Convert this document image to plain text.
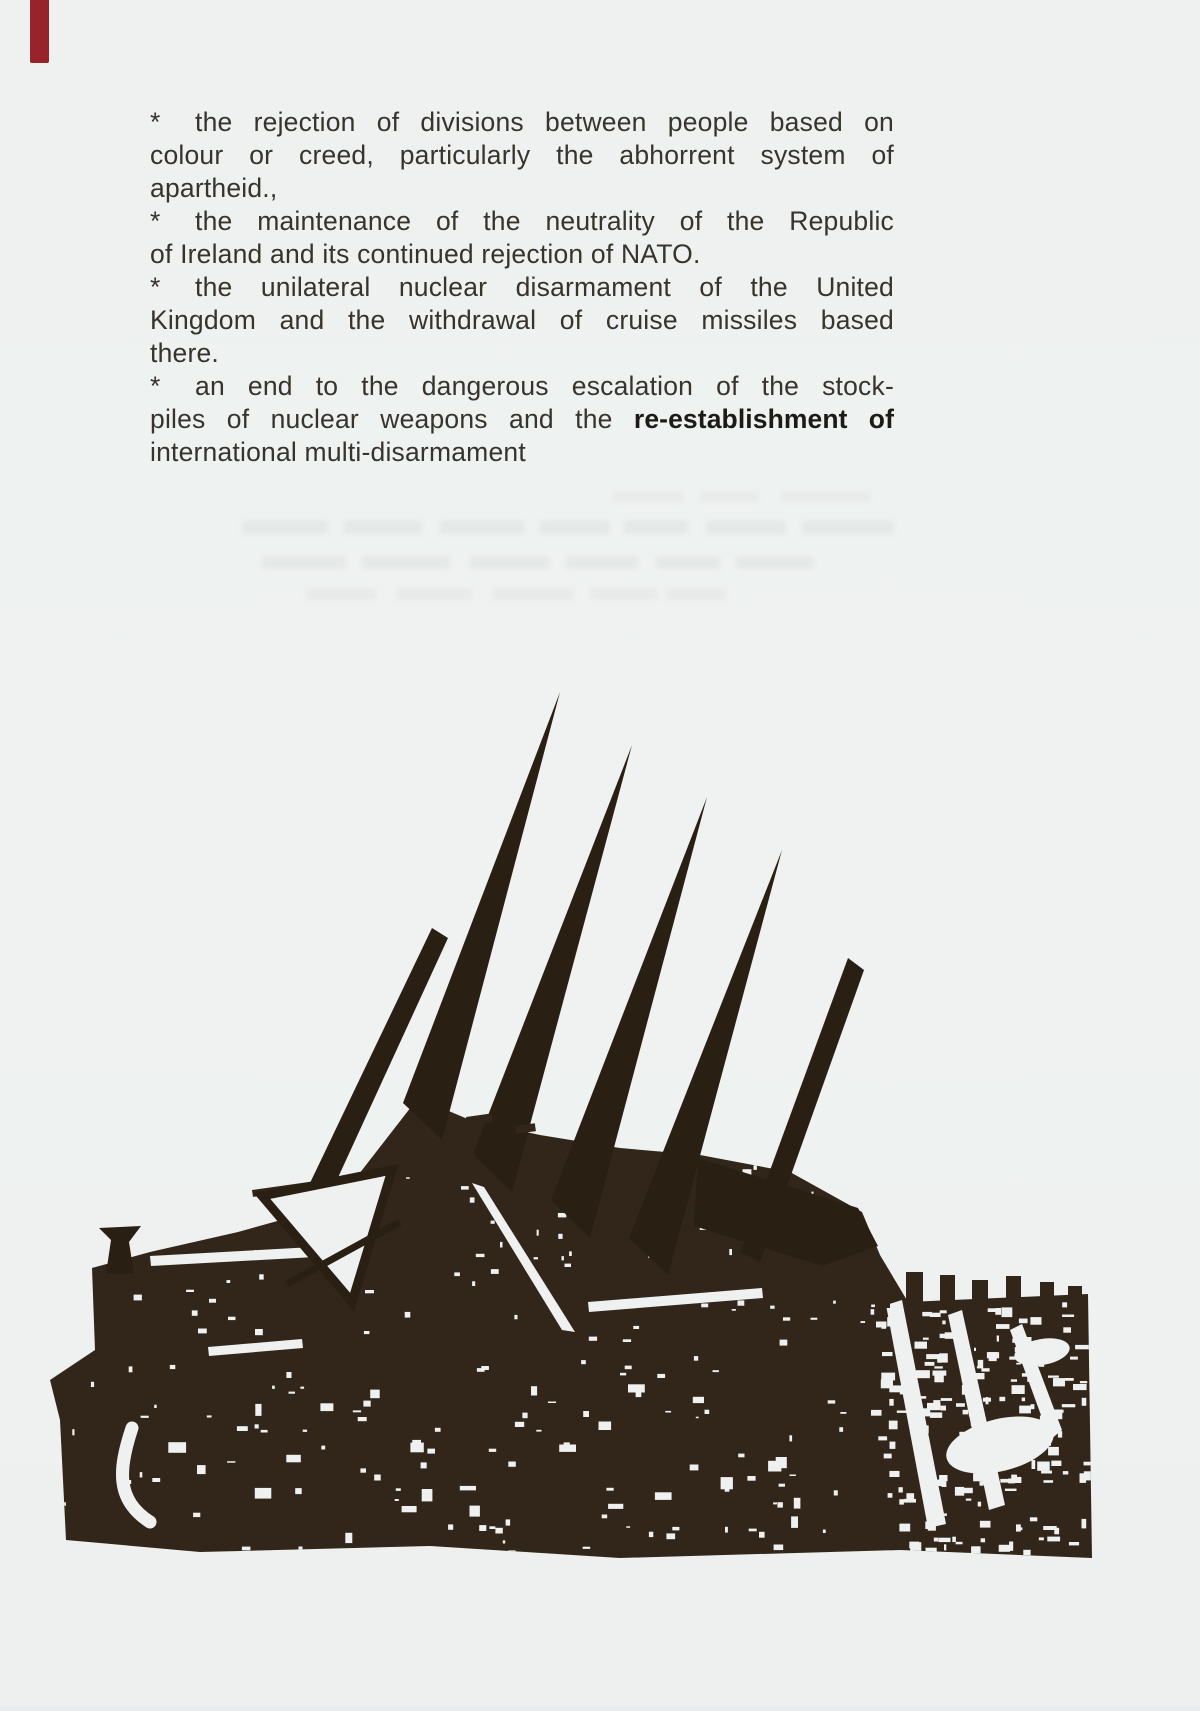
* the rejection of divisions between people based on
colour or creed, particularly the abhorrent system of
apartheid.,
* the maintenance of the neutrality of the Republic
of Ireland and its continued rejection of NATO.
* the unilateral nuclear disarmament of the United
Kingdom and the withdrawal of cruise missiles based
there.
* an end to the dangerous escalation of the stock-
piles of nuclear weapons and the re-establishment of
international multi-disarmament
